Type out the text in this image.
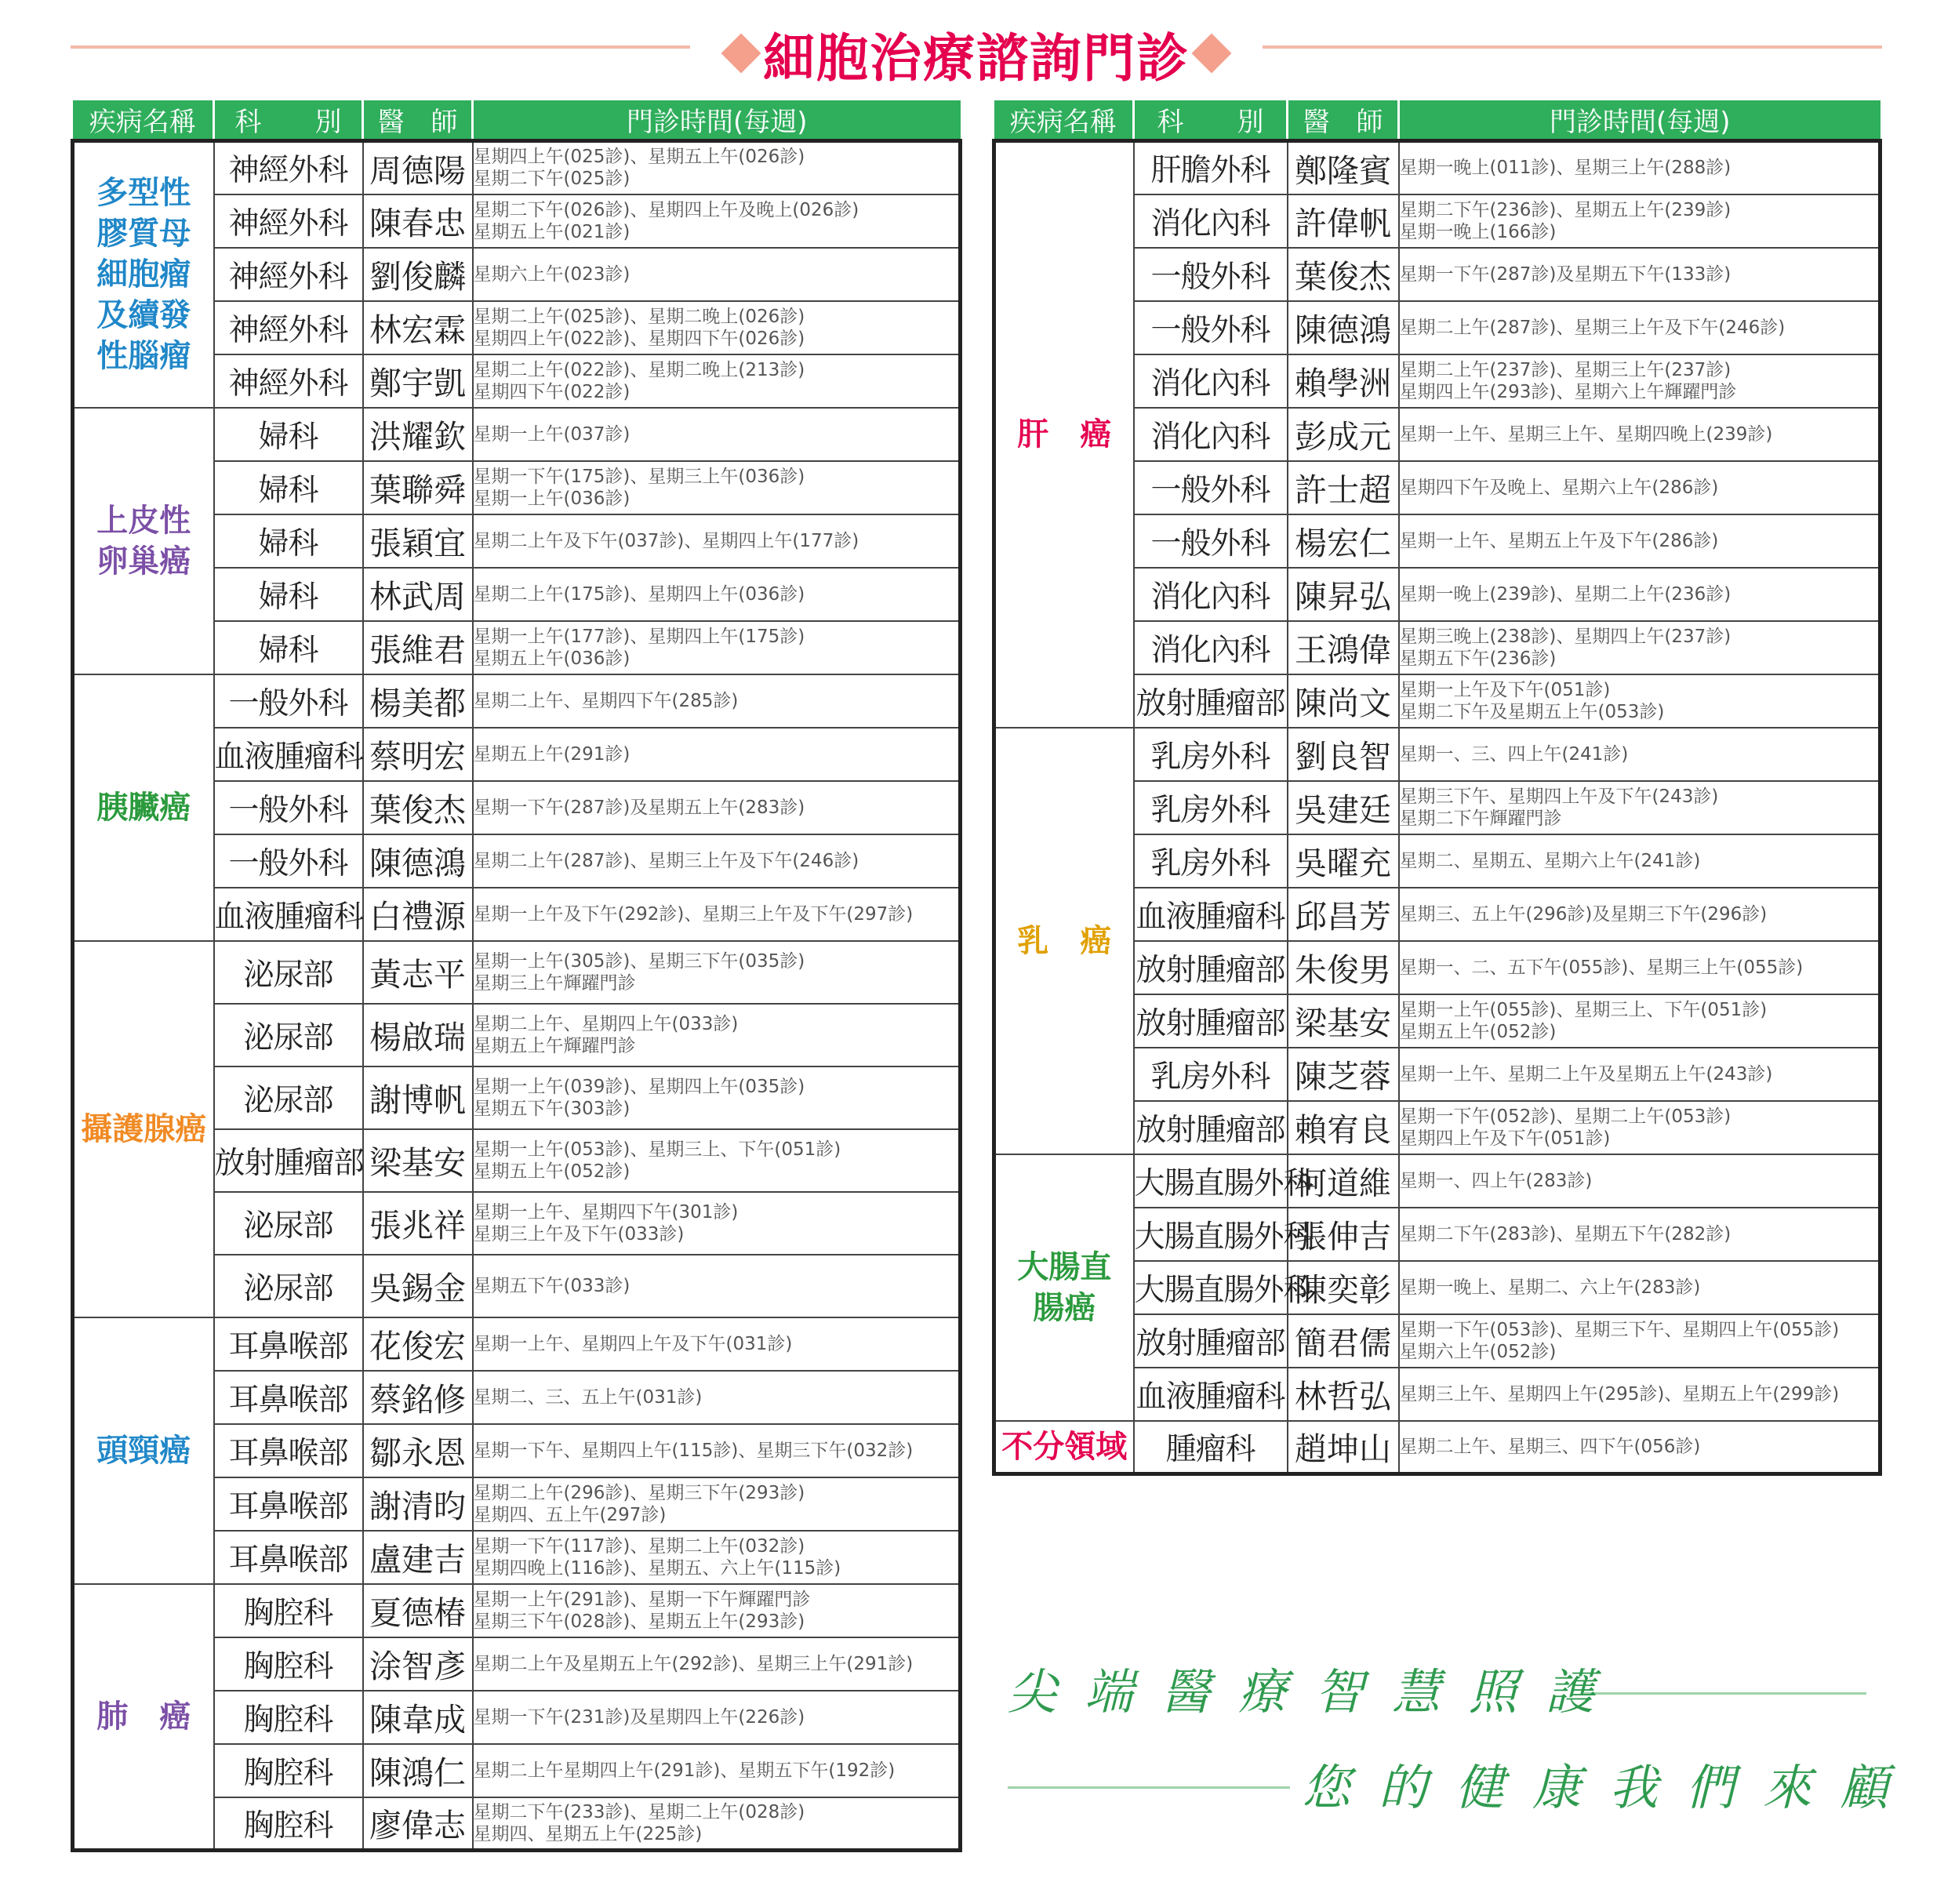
細胞治療諮詢門診
疾病名稱	科　　別	醫　師	門診時間(每週)

多型性膠質母細胞瘤及續發性腦瘤	神經外科	周德陽	星期四上午(025診)、星期五上午(026診)
星期二下午(025診)

	神經外科	陳春忠	星期二下午(026診)、星期四上午及晚上(026診)
星期五上午(021診)

	神經外科	劉俊麟	星期六上午(023診)

	神經外科	林宏霖	星期二上午(025診)、星期二晚上(026診)
星期四上午(022診)、星期四下午(026診)

	神經外科	鄭宇凱	星期二上午(022診)、星期二晚上(213診)
星期四下午(022診)

上皮性卵巢癌	婦科	洪耀欽	星期一上午(037診)

	婦科	葉聯舜	星期一下午(175診)、星期三上午(036診)
星期一上午(036診)

	婦科	張穎宜	星期二上午及下午(037診)、星期四上午(177診)

	婦科	林武周	星期二上午(175診)、星期四上午(036診)

	婦科	張維君	星期一上午(177診)、星期四上午(175診)
星期五上午(036診)

胰臟癌	一般外科	楊美都	星期二上午、星期四下午(285診)

	血液腫瘤科	蔡明宏	星期五上午(291診)

	一般外科	葉俊杰	星期一下午(287診)及星期五上午(283診)

	一般外科	陳德鴻	星期二上午(287診)、星期三上午及下午(246診)

	血液腫瘤科	白禮源	星期一上午及下午(292診)、星期三上午及下午(297診)

攝護腺癌	泌尿部	黃志平	星期一上午(305診)、星期三下午(035診)
星期三上午輝躍門診

	泌尿部	楊啟瑞	星期二上午、星期四上午(033診)
星期五上午輝躍門診

	泌尿部	謝博帆	星期一上午(039診)、星期四上午(035診)
星期五下午(303診)

	放射腫瘤部	梁基安	星期一上午(053診)、星期三上、下午(051診)
星期五上午(052診)

	泌尿部	張兆祥	星期一上午、星期四下午(301診)
星期三上午及下午(033診)

	泌尿部	吳錫金	星期五下午(033診)

頭頸癌	耳鼻喉部	花俊宏	星期一上午、星期四上午及下午(031診)

	耳鼻喉部	蔡銘修	星期二、三、五上午(031診)

	耳鼻喉部	鄒永恩	星期一下午、星期四上午(115診)、星期三下午(032診)

	耳鼻喉部	謝清昀	星期二上午(296診)、星期三下午(293診)
星期四、五上午(297診)

	耳鼻喉部	盧建吉	星期一下午(117診)、星期二上午(032診)
星期四晚上(116診)、星期五、六上午(115診)

肺　癌	胸腔科	夏德椿	星期一上午(291診)、星期一下午輝躍門診
星期三下午(028診)、星期五上午(293診)

	胸腔科	涂智彥	星期二上午及星期五上午(292診)、星期三上午(291診)

	胸腔科	陳韋成	星期一下午(231診)及星期四上午(226診)

	胸腔科	陳鴻仁	星期二上午星期四上午(291診)、星期五下午(192診)

	胸腔科	廖偉志	星期二下午(233診)、星期二上午(028診)
星期四、星期五上午(225診)
疾病名稱	科　　別	醫　師	門診時間(每週)

肝　癌	肝膽外科	鄭隆賓	星期一晚上(011診)、星期三上午(288診)

	消化內科	許偉帆	星期二下午(236診)、星期五上午(239診)
星期一晚上(166診)

	一般外科	葉俊杰	星期一下午(287診)及星期五下午(133診)

	一般外科	陳德鴻	星期二上午(287診)、星期三上午及下午(246診)

	消化內科	賴學洲	星期二上午(237診)、星期三上午(237診)
星期四上午(293診)、星期六上午輝躍門診

	消化內科	彭成元	星期一上午、星期三上午、星期四晚上(239診)

	一般外科	許士超	星期四下午及晚上、星期六上午(286診)

	一般外科	楊宏仁	星期一上午、星期五上午及下午(286診)

	消化內科	陳昇弘	星期一晚上(239診)、星期二上午(236診)

	消化內科	王鴻偉	星期三晚上(238診)、星期四上午(237診)
星期五下午(236診)

	放射腫瘤部	陳尚文	星期一上午及下午(051診)
星期二下午及星期五上午(053診)

乳　癌	乳房外科	劉良智	星期一、三、四上午(241診)

	乳房外科	吳建廷	星期三下午、星期四上午及下午(243診)
星期二下午輝躍門診

	乳房外科	吳曜充	星期二、星期五、星期六上午(241診)

	血液腫瘤科	邱昌芳	星期三、五上午(296診)及星期三下午(296診)

	放射腫瘤部	朱俊男	星期一、二、五下午(055診)、星期三上午(055診)

	放射腫瘤部	梁基安	星期一上午(055診)、星期三上、下午(051診)
星期五上午(052診)

	乳房外科	陳芝蓉	星期一上午、星期二上午及星期五上午(243診)

	放射腫瘤部	賴宥良	星期一下午(052診)、星期二上午(053診)
星期四上午及下午(051診)

大腸直腸癌	大腸直腸外科	柯道維	星期一、四上午(283診)

	大腸直腸外科	張伸吉	星期二下午(283診)、星期五下午(282診)

	大腸直腸外科	陳奕彰	星期一晚上、星期二、六上午(283診)

	放射腫瘤部	簡君儒	星期一下午(053診)、星期三下午、星期四上午(055診)
星期六上午(052診)

	血液腫瘤科	林哲弘	星期三上午、星期四上午(295診)、星期五上午(299診)

不分領域	腫瘤科	趙坤山	星期二上午、星期三、四下午(056診)
尖端醫療智慧照護
您的健康我們來顧
